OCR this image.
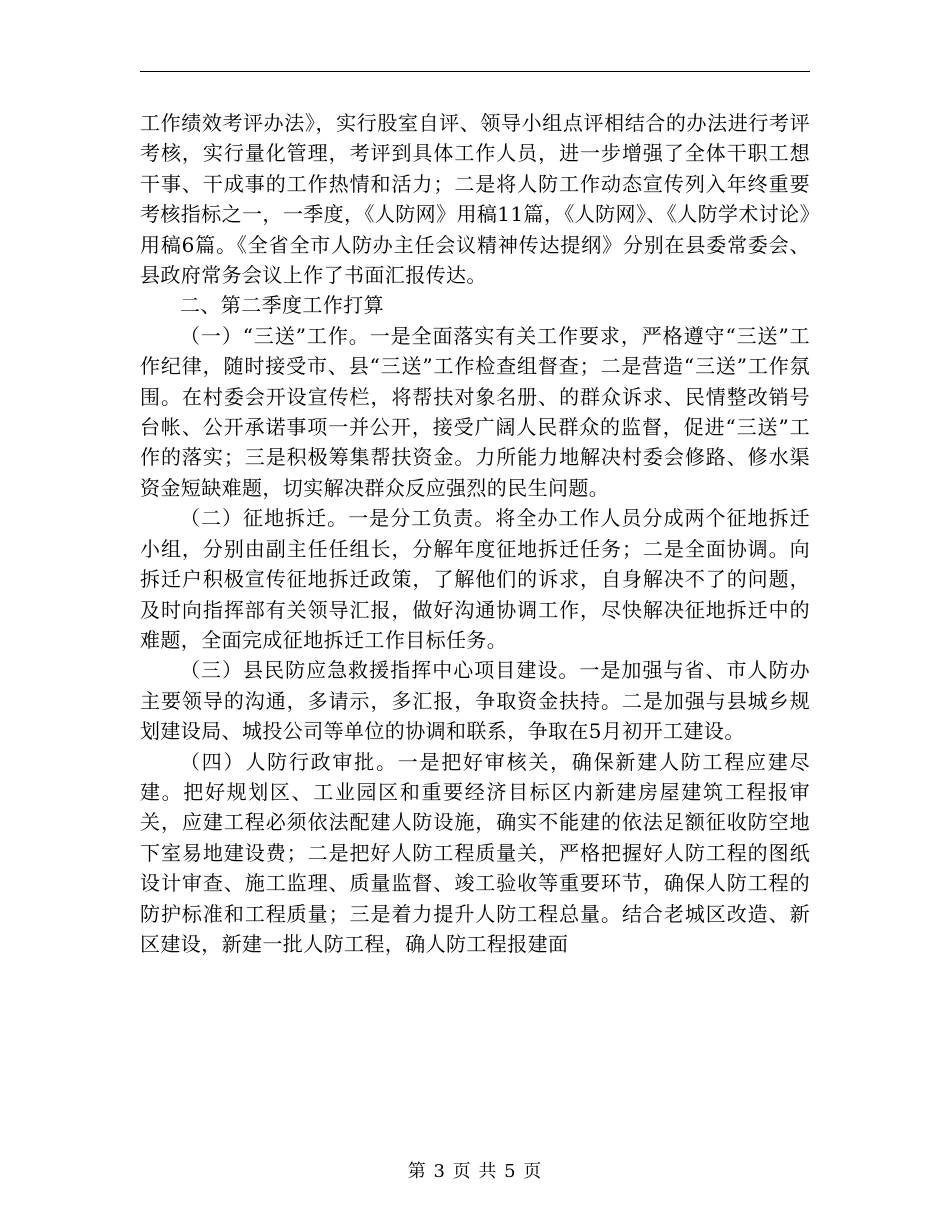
工作绩效考评办法》，实行股室自评、领导小组点评相结合的办法进行考评考核，实行量化管理，考评到具体工作人员，进一步增强了全体干职工想干事、干成事的工作热情和活力；二是将人防工作动态宣传列入年终重要考核指标之一，一季度，《人防网》用稿11篇，《人防网》、《人防学术讨论》用稿6篇。《全省全市人防办主任会议精神传达提纲》分别在县委常委会、县政府常务会议上作了书面汇报传达。

二、第二季度工作打算

（一）“三送”工作。一是全面落实有关工作要求，严格遵守“三送”工作纪律，随时接受市、县“三送”工作检查组督查；二是营造“三送”工作氛围。在村委会开设宣传栏，将帮扶对象名册、的群众诉求、民情整改销号台帐、公开承诺事项一并公开，接受广阔人民群众的监督，促进“三送”工作的落实；三是积极筹集帮扶资金。力所能力地解决村委会修路、修水渠资金短缺难题，切实解决群众反应强烈的民生问题。

（二）征地拆迁。一是分工负责。将全办工作人员分成两个征地拆迁小组，分别由副主任任组长，分解年度征地拆迁任务；二是全面协调。向拆迁户积极宣传征地拆迁政策，了解他们的诉求，自身解决不了的问题，及时向指挥部有关领导汇报，做好沟通协调工作，尽快解决征地拆迁中的难题，全面完成征地拆迁工作目标任务。

（三）县民防应急救援指挥中心项目建设。一是加强与省、市人防办主要领导的沟通，多请示，多汇报，争取资金扶持。二是加强与县城乡规划建设局、城投公司等单位的协调和联系，争取在5月初开工建设。

（四）人防行政审批。一是把好审核关，确保新建人防工程应建尽建。把好规划区、工业园区和重要经济目标区内新建房屋建筑工程报审关，应建工程必须依法配建人防设施，确实不能建的依法足额征收防空地下室易地建设费；二是把好人防工程质量关，严格把握好人防工程的图纸设计审查、施工监理、质量监督、竣工验收等重要环节，确保人防工程的防护标准和工程质量；三是着力提升人防工程总量。结合老城区改造、新区建设，新建一批人防工程，确人防工程报建面

第 3 页 共 5 页
